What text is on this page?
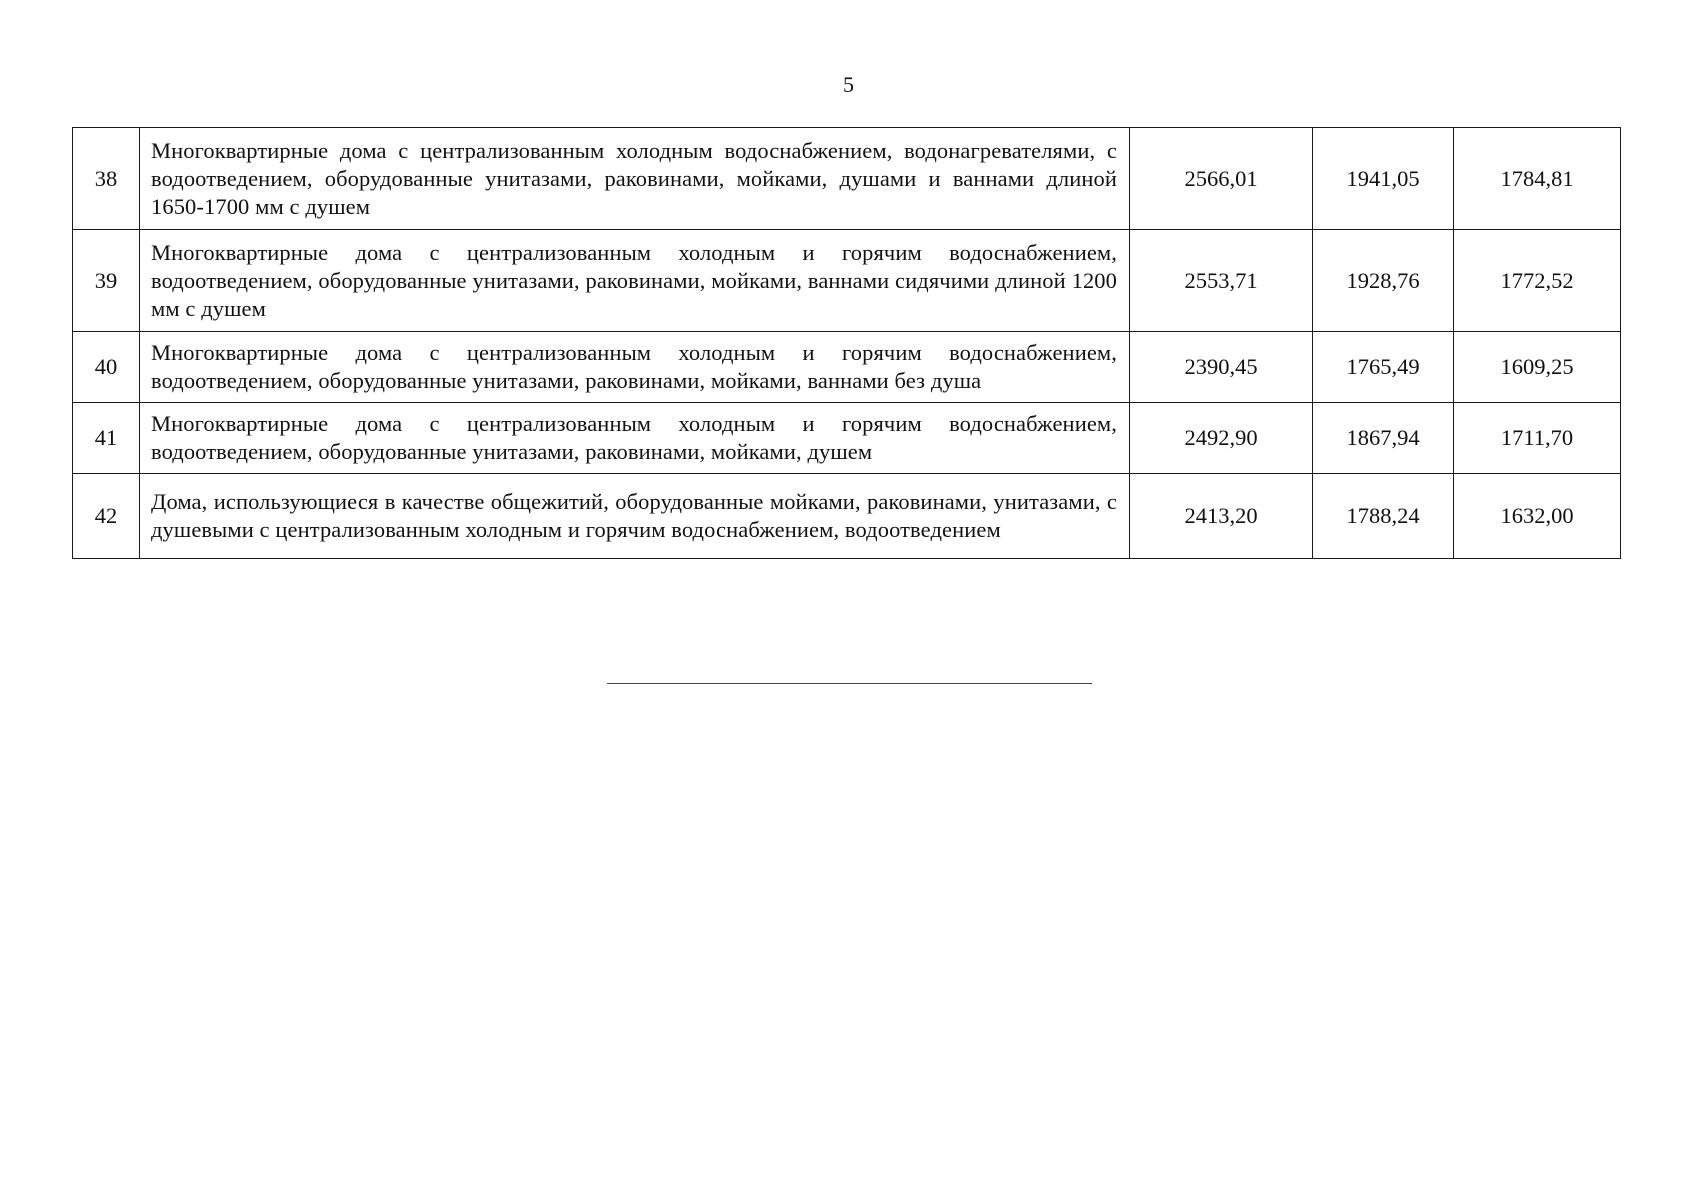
5
38	Многоквартирные дома с централизованным холодным водоснабжением, водонагревателями, с водоотведением, оборудованные унитазами, раковинами, мойками, душами и ваннами длиной 1650-1700 мм с душем	2566,01	1941,05	1784,81
39	Многоквартирные дома с централизованным холодным и горячим водоснабжением, водоотведением, оборудованные унитазами, раковинами, мойками, ваннами сидячими длиной 1200 мм с душем	2553,71	1928,76	1772,52
40	Многоквартирные дома с централизованным холодным и горячим водоснабжением, водоотведением, оборудованные унитазами, раковинами, мойками, ваннами без душа	2390,45	1765,49	1609,25
41	Многоквартирные дома с централизованным холодным и горячим водоснабжением, водоотведением, оборудованные унитазами, раковинами, мойками, душем	2492,90	1867,94	1711,70
42	Дома, использующиеся в качестве общежитий, оборудованные мойками, раковинами, унитазами, с душевыми с централизованным холодным и горячим водоснабжением, водоотведением	2413,20	1788,24	1632,00
